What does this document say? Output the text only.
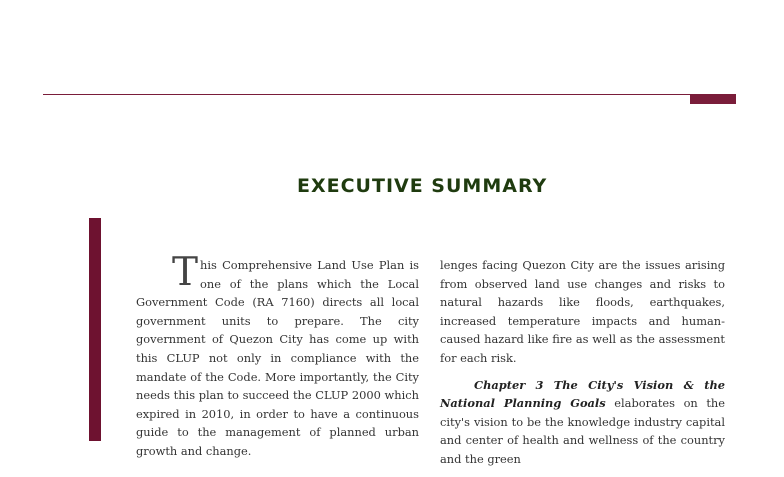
EXECUTIVE SUMMARY

This Comprehensive Land Use Plan is one of the plans which the Local Government Code (RA 7160) directs all local government units to prepare. The city government of Quezon City has come up with this CLUP not only in compliance with the mandate of the Code. More importantly, the City needs this plan to succeed the CLUP 2000 which expired in 2010, in order to have a continuous guide to the management of planned urban growth and change.

lenges facing Quezon City are the issues arising from observed land use changes and risks to natural hazards like floods, earthquakes, increased temperature impacts and human-caused hazard like fire as well as the assessment for each risk.

Chapter 3 The City's Vision & the National Planning Goals elaborates on the city's vision to be the knowledge industry capital and center of health and wellness of the country and the green
